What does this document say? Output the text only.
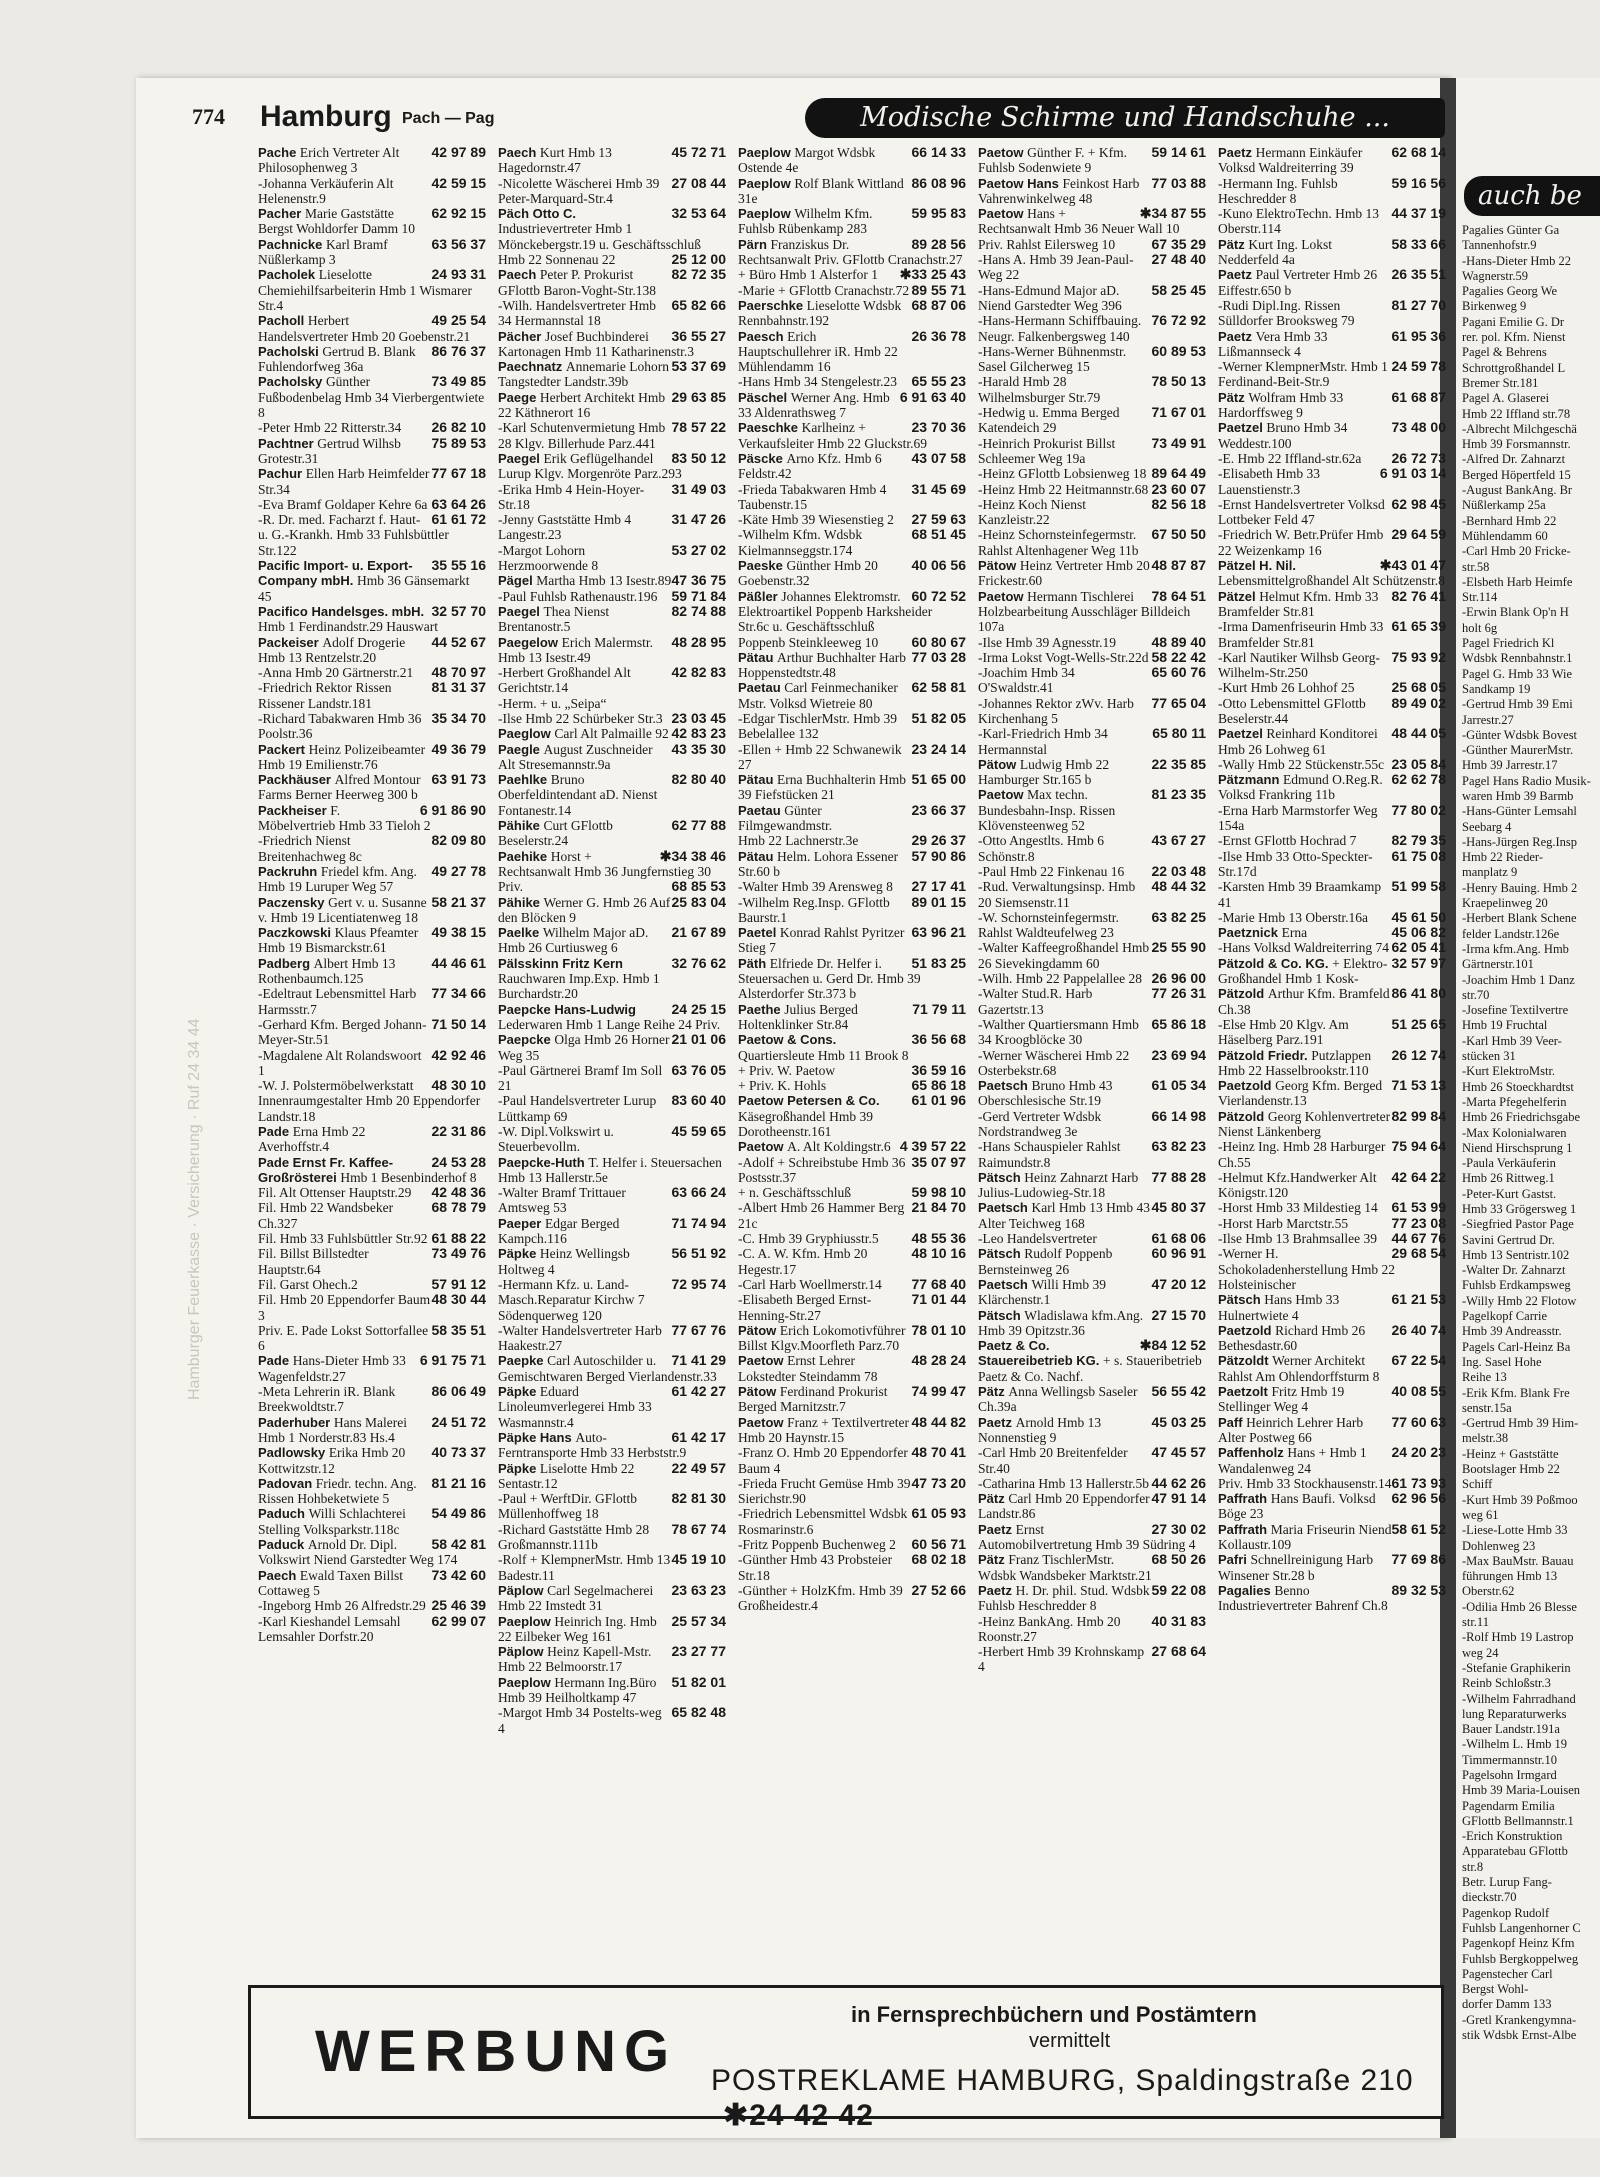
auch be
Pagalies Günter Ga
Tannenhofstr.9
-Hans-Dieter Hmb 22
Wagnerstr.59
Pagalies Georg We
Birkenweg 9
Pagani Emilie G. Dr
rer. pol. Kfm. Nienst
Pagel & Behrens
Schrottgroßhandel L
Bremer Str.181
Pagel A. Glaserei
Hmb 22 Iffland str.78
-Albrecht Milchgeschä
Hmb 39 Forsmannstr.
-Alfred Dr. Zahnarzt
Berged Höpertfeld 15
-August BankAng. Br
Nüßlerkamp 25a
-Bernhard Hmb 22
Mühlendamm 60
-Carl Hmb 20 Fricke-
str.58
-Elsbeth Harb Heimfe
Str.114
-Erwin Blank Op'n H
holt 6g
Pagel Friedrich Kl
Wdsbk Rennbahnstr.1
Pagel G. Hmb 33 Wie
Sandkamp 19
-Gertrud Hmb 39 Emi
Jarrestr.27
-Günter Wdsbk Bovest
-Günther MaurerMstr.
Hmb 39 Jarrestr.17
Pagel Hans Radio Musik-
waren Hmb 39 Barmb
-Hans-Günter Lemsahl
Seebarg 4
-Hans-Jürgen Reg.Insp
Hmb 22 Rieder-
manplatz 9
-Henry Bauing. Hmb 2
Kraepelinweg 20
-Herbert Blank Schene
felder Landstr.126e
-Irma kfm.Ang. Hmb
Gärtnerstr.101
-Joachim Hmb 1 Danz
str.70
-Josefine Textilvertre
Hmb 19 Fruchtal
-Karl Hmb 39 Veer-
stücken 31
-Kurt ElektroMstr.
Hmb 26 Stoeckhardtst
-Marta Pfegehelferin
Hmb 26 Friedrichsgabe
-Max Kolonialwaren
Niend Hirschsprung 1
-Paula Verkäuferin
Hmb 26 Rittweg.1
-Peter-Kurt Gastst.
Hmb 33 Grögersweg 1
-Siegfried Pastor Page
Savini Gertrud Dr.
Hmb 13 Sentristr.102
-Walter Dr. Zahnarzt
Fuhlsb Erdkampsweg
-Willy Hmb 22 Flotow
Pagelkopf Carrie
Hmb 39 Andreasstr.
Pagels Carl-Heinz Ba
Ing. Sasel Hohe
Reihe 13
-Erik Kfm. Blank Fre
senstr.15a
-Gertrud Hmb 39 Him-
melstr.38
-Heinz + Gaststätte
Bootslager Hmb 22
Schiff
-Kurt Hmb 39 Poßmoo
weg 61
-Liese-Lotte Hmb 33
Dohlenweg 23
-Max BauMstr. Bauau
führungen Hmb 13
Oberstr.62
-Odilia Hmb 26 Blesse
str.11
-Rolf Hmb 19 Lastrop
weg 24
-Stefanie Graphikerin
Reinb Schloßstr.3
-Wilhelm Fahrradhand
lung Reparaturwerks
Bauer Landstr.191a
-Wilhelm L. Hmb 19
Timmermannstr.10
Pagelsohn Irmgard
Hmb 39 Maria-Louisen
Pagendarm Emilia
GFlottb Bellmannstr.1
-Erich Konstruktion
Apparatebau GFlottb
str.8
Betr. Lurup Fang-
dieckstr.70
Pagenkop Rudolf
Fuhlsb Langenhorner C
Pagenkopf Heinz Kfm
Fuhlsb Bergkoppelweg
Pagenstecher Carl
Bergst Wohl-
dorfer Damm 133
-Gretl Krankengymna-
stik Wdsbk Ernst-Albe
Hamburger Feuerkasse · Versicherung · Ruf 24 34 44
774 Hamburg Pach — Pag	Modische Schirme und Handschuhe ...
42 97 89
Pache Erich Vertreter Alt Philosophenweg 3
42 59 15
-Johanna Verkäuferin Alt Helenenstr.9
62 92 15
Pacher Marie Gaststätte Bergst Wohldorfer Damm 10
63 56 37
Pachnicke Karl Bramf Nüßlerkamp 3
24 93 31
Pacholek Lieselotte Chemiehilfsarbeiterin Hmb 1 Wismarer Str.4
49 25 54
Pacholl Herbert Handelsvertreter Hmb 20 Goebenstr.21
86 76 37
Pacholski Gertrud B. Blank Fuhlendorfweg 36a
73 49 85
Pacholsky Günther Fußbodenbelag Hmb 34 Vierbergentwiete 8
26 82 10
-Peter Hmb 22 Ritterstr.34
75 89 53
Pachtner Gertrud Wilhsb Grotestr.31
77 67 18
Pachur Ellen Harb Heimfelder Str.34
63 64 26
-Eva Bramf Goldaper Kehre 6a
61 61 72
-R. Dr. med. Facharzt f. Haut- u. G.-Krankh. Hmb 33 Fuhlsbüttler Str.122
35 55 16
Pacific Import- u. Export-Company mbH. Hmb 36 Gänsemarkt 45
32 57 70
Pacifico Handelsges. mbH. Hmb 1 Ferdinandstr.29 Hauswart
44 52 67
Packeiser Adolf Drogerie Hmb 13 Rentzelstr.20
48 70 97
-Anna Hmb 20 Gärtnerstr.21
81 31 37
-Friedrich Rektor Rissen Rissener Landstr.181
35 34 70
-Richard Tabakwaren Hmb 36 Poolstr.36
49 36 79
Packert Heinz Polizeibeamter Hmb 19 Emilienstr.76
63 91 73
Packhäuser Alfred Montour Farms Berner Heerweg 300 b
6 91 86 90
Packheiser F. Möbelvertrieb Hmb 33 Tieloh 2
82 09 80
-Friedrich Nienst Breitenhachweg 8c
49 27 78
Packruhn Friedel kfm. Ang. Hmb 19 Luruper Weg 57
58 21 37
Paczensky Gert v. u. Susanne v. Hmb 19 Licentiatenweg 18
49 38 15
Paczkowski Klaus Pfeamter Hmb 19 Bismarckstr.61
44 46 61
Padberg Albert Hmb 13 Rothenbaumch.125
77 34 66
-Edeltraut Lebensmittel Harb Harmsstr.7
71 50 14
-Gerhard Kfm. Berged Johann-Meyer-Str.51
42 92 46
-Magdalene Alt Rolandswoort 1
48 30 10
-W. J. Polstermöbelwerkstatt Innenraumgestalter Hmb 20 Eppendorfer Landstr.18
22 31 86
Pade Erna Hmb 22 Averhoffstr.4
24 53 28
Pade Ernst Fr. Kaffee-Großrösterei Hmb 1 Besenbinderhof 8
42 48 36
Fil. Alt Ottenser Hauptstr.29
68 78 79
Fil. Hmb 22 Wandsbeker Ch.327
61 88 22
Fil. Hmb 33 Fuhlsbüttler Str.92
73 49 76
Fil. Billst Billstedter Hauptstr.64
57 91 12
Fil. Garst Ohech.2
48 30 44
Fil. Hmb 20 Eppendorfer Baum 3
58 35 51
Priv. E. Pade Lokst Sottorfallee 6
6 91 75 71
Pade Hans-Dieter Hmb 33 Wagenfeldstr.27
86 06 49
-Meta Lehrerin iR. Blank Breekwoldtstr.7
24 51 72
Paderhuber Hans Malerei Hmb 1 Norderstr.83 Hs.4
40 73 37
Padlowsky Erika Hmb 20 Kottwitzstr.12
81 21 16
Padovan Friedr. techn. Ang. Rissen Hohbeketwiete 5
54 49 86
Paduch Willi Schlachterei Stelling Volksparkstr.118c
58 42 81
Paduck Arnold Dr. Dipl. Volkswirt Niend Garstedter Weg 174
73 42 60
Paech Ewald Taxen Billst Cottaweg 5
25 46 39
-Ingeborg Hmb 26 Alfredstr.29
62 99 07
-Karl Kieshandel Lemsahl Lemsahler Dorfstr.20
45 72 71
Paech Kurt Hmb 13 Hagedornstr.47
27 08 44
-Nicolette Wäscherei Hmb 39 Peter-Marquard-Str.4
32 53 64
Päch Otto C. Industrievertreter Hmb 1 Mönckebergstr.19 u. Geschäftsschluß
25 12 00
Hmb 22 Sonnenau 22
82 72 35
Paech Peter P. Prokurist GFlottb Baron-Voght-Str.138
65 82 66
-Wilh. Handelsvertreter Hmb 34 Hermannstal 18
36 55 27
Pächer Josef Buchbinderei Kartonagen Hmb 11 Katharinenstr.3
53 37 69
Paechnatz Annemarie Lohorn Tangstedter Landstr.39b
29 63 85
Paege Herbert Architekt Hmb 22 Käthnerort 16
78 57 22
-Karl Schutenvermietung Hmb 28 Klgv. Billerhude Parz.441
83 50 12
Paegel Erik Geflügelhandel Lurup Klgv. Morgenröte Parz.293
31 49 03
-Erika Hmb 4 Hein-Hoyer-Str.18
31 47 26
-Jenny Gaststätte Hmb 4 Langestr.23
53 27 02
-Margot Lohorn Herzmoorwende 8
47 36 75
Pägel Martha Hmb 13 Isestr.89
59 71 84
-Paul Fuhlsb Rathenaustr.196
82 74 88
Paegel Thea Nienst Brentanostr.5
48 28 95
Paegelow Erich Malermstr. Hmb 13 Isestr.49
42 82 83
-Herbert Großhandel Alt Gerichtstr.14
-Herm. + u. „Seipa“
23 03 45
-Ilse Hmb 22 Schürbeker Str.3
42 83 23
Paeglow Carl Alt Palmaille 92
43 35 30
Paegle August Zuschneider Alt Stresemannstr.9a
82 80 40
Paehlke Bruno Oberfeldintendant aD. Nienst Fontanestr.14
62 77 88
Pähike Curt GFlottb Beselerstr.24
✱34 38 46
Paehike Horst + Rechtsanwalt Hmb 36 Jungfernstieg 30
68 85 53
Priv.
25 83 04
Pähike Werner G. Hmb 26 Auf den Blöcken 9
21 67 89
Paelke Wilhelm Major aD. Hmb 26 Curtiusweg 6
32 76 62
Pälsskinn Fritz Kern Rauchwaren Imp.Exp. Hmb 1 Burchardstr.20
24 25 15
Paepcke Hans-Ludwig Lederwaren Hmb 1 Lange Reihe 24 Priv.
21 01 06
Paepcke Olga Hmb 26 Horner Weg 35
63 76 05
-Paul Gärtnerei Bramf Im Soll 21
83 60 40
-Paul Handelsvertreter Lurup Lüttkamp 69
45 59 65
-W. Dipl.Volkswirt u. Steuerbevollm.
Paepcke-Huth T. Helfer i. Steuersachen Hmb 13 Hallerstr.5e
63 66 24
-Walter Bramf Trittauer Amtsweg 53
71 74 94
Paeper Edgar Berged Kampch.116
56 51 92
Päpke Heinz Wellingsb Holtweg 4
72 95 74
-Hermann Kfz. u. Land-Masch.Reparatur Kirchw 7 Södenquerweg 120
77 67 76
-Walter Handelsvertreter Harb Haakestr.27
71 41 29
Paepke Carl Autoschilder u. Gemischtwaren Berged Vierlandenstr.33
61 42 27
Päpke Eduard Linoleumverlegerei Hmb 33 Wasmannstr.4
61 42 17
Päpke Hans Auto-Ferntransporte Hmb 33 Herbststr.9
22 49 57
Päpke Liselotte Hmb 22 Sentastr.12
82 81 30
-Paul + WerftDir. GFlottb Müllenhoffweg 18
78 67 74
-Richard Gaststätte Hmb 28 Großmannstr.111b
45 19 10
-Rolf + KlempnerMstr. Hmb 13 Badestr.11
23 63 23
Päplow Carl Segelmacherei Hmb 22 Imstedt 31
25 57 34
Paeplow Heinrich Ing. Hmb 22 Eilbeker Weg 161
23 27 77
Päplow Heinz Kapell-Mstr. Hmb 22 Belmoorstr.17
51 82 01
Paeplow Hermann Ing.Büro Hmb 39 Heilholtkamp 47
65 82 48
-Margot Hmb 34 Postelts-weg 4
66 14 33
Paeplow Margot Wdsbk Ostende 4e
86 08 96
Paeplow Rolf Blank Wittland 31e
59 95 83
Paeplow Wilhelm Kfm. Fuhlsb Rübenkamp 283
89 28 56
Pärn Franziskus Dr. Rechtsanwalt Priv. GFlottb Cranachstr.27
✱33 25 43
+ Büro Hmb 1 Alsterfor 1
89 55 71
-Marie + GFlottb Cranachstr.72
68 87 06
Paerschke Lieselotte Wdsbk Rennbahnstr.192
26 36 78
Paesch Erich Hauptschullehrer iR. Hmb 22 Mühlendamm 16
65 55 23
-Hans Hmb 34 Stengelestr.23
6 91 63 40
Päschel Werner Ang. Hmb 33 Aldenrathsweg 7
23 70 36
Paeschke Karlheinz + Verkaufsleiter Hmb 22 Gluckstr.69
43 07 58
Päscke Arno Kfz. Hmb 6 Feldstr.42
31 45 69
-Frieda Tabakwaren Hmb 4 Taubenstr.15
27 59 63
-Käte Hmb 39 Wiesenstieg 2
68 51 45
-Wilhelm Kfm. Wdsbk Kielmannseggstr.174
40 06 56
Paeske Günther Hmb 20 Goebenstr.32
60 72 52
Päßler Johannes Elektromstr. Elektroartikel Poppenb Harksheider Str.6c u. Geschäftsschluß
60 80 67
Poppenb Steinkleeweg 10
77 03 28
Pätau Arthur Buchhalter Harb Hoppenstedtstr.48
62 58 81
Paetau Carl Feinmechaniker Mstr. Volksd Wietreie 80
51 82 05
-Edgar TischlerMstr. Hmb 39 Bebelallee 132
23 24 14
-Ellen + Hmb 22 Schwanewik 27
51 65 00
Pätau Erna Buchhalterin Hmb 39 Fiefstücken 21
23 66 37
Paetau Günter Filmgewandmstr.
29 26 37
Hmb 22 Lachnerstr.3e
57 90 86
Pätau Helm. Lohora Essener Str.60 b
27 17 41
-Walter Hmb 39 Arensweg 8
89 01 15
-Wilhelm Reg.Insp. GFlottb Baurstr.1
63 96 21
Paetel Konrad Rahlst Pyritzer Stieg 7
51 83 25
Päth Elfriede Dr. Helfer i. Steuersachen u. Gerd Dr. Hmb 39 Alsterdorfer Str.373 b
71 79 11
Paethe Julius Berged Holtenklinker Str.84
36 56 68
Paetow & Cons. Quartiersleute Hmb 11 Brook 8
36 59 16
+ Priv. W. Paetow
65 86 18
+ Priv. K. Hohls
61 01 96
Paetow Petersen & Co. Käsegroßhandel Hmb 39 Dorotheenstr.161
4 39 57 22
Paetow A. Alt Koldingstr.6
35 07 97
-Adolf + Schreibstube Hmb 36 Postsstr.37
59 98 10
+ n. Geschäftsschluß
21 84 70
-Albert Hmb 26 Hammer Berg 21c
48 55 36
-C. Hmb 39 Gryphiusstr.5
48 10 16
-C. A. W. Kfm. Hmb 20 Hegestr.17
77 68 40
-Carl Harb Woellmerstr.14
71 01 44
-Elisabeth Berged Ernst-Henning-Str.27
78 01 10
Pätow Erich Lokomotivführer Billst Klgv.Moorfleth Parz.70
48 28 24
Paetow Ernst Lehrer Lokstedter Steindamm 78
74 99 47
Pätow Ferdinand Prokurist Berged Marnitzstr.7
48 44 82
Paetow Franz + Textilvertreter Hmb 20 Haynstr.15
48 70 41
-Franz O. Hmb 20 Eppendorfer Baum 4
47 73 20
-Frieda Frucht Gemüse Hmb 39 Sierichstr.90
61 05 93
-Friedrich Lebensmittel Wdsbk Rosmarinstr.6
60 56 71
-Fritz Poppenb Buchenweg 2
68 02 18
-Günther Hmb 43 Probsteier Str.18
27 52 66
-Günther + HolzKfm. Hmb 39 Großheidestr.4
59 14 61
Paetow Günther F. + Kfm. Fuhlsb Sodenwiete 9
77 03 88
Paetow Hans Feinkost Harb Vahrenwinkelweg 48
✱34 87 55
Paetow Hans + Rechtsanwalt Hmb 36 Neuer Wall 10
67 35 29
Priv. Rahlst Eilersweg 10
27 48 40
-Hans A. Hmb 39 Jean-Paul-Weg 22
58 25 45
-Hans-Edmund Major aD. Niend Garstedter Weg 396
76 72 92
-Hans-Hermann Schiffbauing. Neugr. Falkenbergsweg 140
60 89 53
-Hans-Werner Bühnenmstr. Sasel Gilcherweg 15
78 50 13
-Harald Hmb 28 Wilhelmsburger Str.79
71 67 01
-Hedwig u. Emma Berged Katendeich 29
73 49 91
-Heinrich Prokurist Billst Schleemer Weg 19a
89 64 49
-Heinz GFlottb Lobsienweg 18
23 60 07
-Heinz Hmb 22 Heitmannstr.68
82 56 18
-Heinz Koch Nienst Kanzleistr.22
67 50 50
-Heinz Schornsteinfegermstr. Rahlst Altenhagener Weg 11b
48 87 87
Pätow Heinz Vertreter Hmb 20 Frickestr.60
78 64 51
Paetow Hermann Tischlerei Holzbearbeitung Ausschläger Billdeich 107a
48 89 40
-Ilse Hmb 39 Agnesstr.19
58 22 42
-Irma Lokst Vogt-Wells-Str.22d
65 60 76
-Joachim Hmb 34 O'Swaldstr.41
77 65 04
-Johannes Rektor zWv. Harb Kirchenhang 5
65 80 11
-Karl-Friedrich Hmb 34 Hermannstal
22 35 85
Pätow Ludwig Hmb 22 Hamburger Str.165 b
81 23 35
Paetow Max techn. Bundesbahn-Insp. Rissen Klövensteenweg 52
43 67 27
-Otto Angestlts. Hmb 6 Schönstr.8
22 03 48
-Paul Hmb 22 Finkenau 16
48 44 32
-Rud. Verwaltungsinsp. Hmb 20 Siemsenstr.11
63 82 25
-W. Schornsteinfegermstr. Rahlst Waldteufelweg 23
25 55 90
-Walter Kaffeegroßhandel Hmb 26 Sievekingdamm 60
26 96 00
-Wilh. Hmb 22 Pappelallee 28
77 26 31
-Walter Stud.R. Harb Gazertstr.13
65 86 18
-Walther Quartiersmann Hmb 34 Kroogblöcke 30
23 69 94
-Werner Wäscherei Hmb 22 Osterbekstr.68
61 05 34
Paetsch Bruno Hmb 43 Oberschlesische Str.19
66 14 98
-Gerd Vertreter Wdsbk Nordstrandweg 3e
63 82 23
-Hans Schauspieler Rahlst Raimundstr.8
77 88 28
Pätsch Heinz Zahnarzt Harb Julius-Ludowieg-Str.18
45 80 37
Paetsch Karl Hmb 13 Hmb 43 Alter Teichweg 168
61 68 06
-Leo Handelsvertreter
60 96 91
Pätsch Rudolf Poppenb Bernsteinweg 26
47 20 12
Paetsch Willi Hmb 39 Klärchenstr.1
27 15 70
Pätsch Wladislawa kfm.Ang. Hmb 39 Opitzstr.36
✱84 12 52
Paetz & Co. Stauereibetrieb KG. + s. Staueribetrieb Paetz & Co. Nachf.
56 55 42
Pätz Anna Wellingsb Saseler Ch.39a
45 03 25
Paetz Arnold Hmb 13 Nonnenstieg 9
47 45 57
-Carl Hmb 20 Breitenfelder Str.40
44 62 26
-Catharina Hmb 13 Hallerstr.5b
47 91 14
Pätz Carl Hmb 20 Eppendorfer Landstr.86
27 30 02
Paetz Ernst Automobilvertretung Hmb 39 Südring 4
68 50 26
Pätz Franz TischlerMstr. Wdsbk Wandsbeker Marktstr.21
59 22 08
Paetz H. Dr. phil. Stud. Wdsbk Fuhlsb Heschredder 8
40 31 83
-Heinz BankAng. Hmb 20 Roonstr.27
27 68 64
-Herbert Hmb 39 Krohnskamp 4
62 68 14
Paetz Hermann Einkäufer Volksd Waldreiterring 39
59 16 56
-Hermann Ing. Fuhlsb Heschredder 8
44 37 19
-Kuno ElektroTechn. Hmb 13 Oberstr.114
58 33 66
Pätz Kurt Ing. Lokst Nedderfeld 4a
26 35 51
Paetz Paul Vertreter Hmb 26 Eiffestr.650 b
81 27 70
-Rudi Dipl.Ing. Rissen Sülldorfer Brooksweg 79
61 95 36
Paetz Vera Hmb 33 Lißmannseck 4
24 59 78
-Werner KlempnerMstr. Hmb 1 Ferdinand-Beit-Str.9
61 68 87
Pätz Wolfram Hmb 33 Hardorffsweg 9
73 48 00
Paetzel Bruno Hmb 34 Weddestr.100
26 72 73
-E. Hmb 22 Iffland-str.62a
6 91 03 14
-Elisabeth Hmb 33 Lauenstienstr.3
62 98 45
-Ernst Handelsvertreter Volksd Lottbeker Feld 47
29 64 59
-Friedrich W. Betr.Prüfer Hmb 22 Weizenkamp 16
✱43 01 47
Pätzel H. Nil. Lebensmittelgroßhandel Alt Schützenstr.8
82 76 41
Pätzel Helmut Kfm. Hmb 33 Bramfelder Str.81
61 65 39
-Irma Damenfriseurin Hmb 33 Bramfelder Str.81
75 93 92
-Karl Nautiker Wilhsb Georg-Wilhelm-Str.250
25 68 05
-Kurt Hmb 26 Lohhof 25
89 49 02
-Otto Lebensmittel GFlottb Beselerstr.44
48 44 05
Paetzel Reinhard Konditorei Hmb 26 Lohweg 61
23 05 84
-Wally Hmb 22 Stückenstr.55c
62 62 78
Pätzmann Edmund O.Reg.R. Volksd Frankring 11b
77 80 02
-Erna Harb Marmstorfer Weg 154a
82 79 35
-Ernst GFlottb Hochrad 7
61 75 08
-Ilse Hmb 33 Otto-Speckter-Str.17d
51 99 58
-Karsten Hmb 39 Braamkamp 41
45 61 50
-Marie Hmb 13 Oberstr.16a
45 06 82
Paetznick Erna
62 05 41
-Hans Volksd Waldreiterring 74
32 57 97
Pätzold & Co. KG. + Elektro-Großhandel Hmb 1 Kosk-
86 41 80
Pätzold Arthur Kfm. Bramfeld Ch.38
51 25 65
-Else Hmb 20 Klgv. Am Häselberg Parz.191
26 12 74
Pätzold Friedr. Putzlappen Hmb 22 Hasselbrookstr.110
71 53 13
Paetzold Georg Kfm. Berged Vierlandenstr.13
82 99 84
Pätzold Georg Kohlenvertreter Nienst Länkenberg
75 94 64
-Heinz Ing. Hmb 28 Harburger Ch.55
42 64 22
-Helmut Kfz.Handwerker Alt Königstr.120
61 53 99
-Horst Hmb 33 Mildestieg 14
77 23 08
-Horst Harb Marctstr.55
44 67 76
-Ilse Hmb 13 Brahmsallee 39
29 68 54
-Werner H. Schokoladenherstellung Hmb 22 Holsteinischer
61 21 53
Pätsch Hans Hmb 33 Hulnertwiete 4
26 40 74
Paetzold Richard Hmb 26 Bethesdastr.60
67 22 54
Pätzoldt Werner Architekt Rahlst Am Ohlendorffsturm 8
40 08 55
Paetzolt Fritz Hmb 19 Stellinger Weg 4
77 60 63
Paff Heinrich Lehrer Harb Alter Postweg 66
24 20 23
Paffenholz Hans + Hmb 1 Wandalenweg 24
61 73 93
Priv. Hmb 33 Stockhausenstr.14
62 96 56
Paffrath Hans Baufi. Volksd Böge 23
58 61 52
Paffrath Maria Friseurin Niend Kollaustr.109
77 69 86
Pafri Schnellreinigung Harb Winsener Str.28 b
89 32 53
Pagalies Benno Industrievertreter Bahrenf Ch.8
WERBUNG
in Fernsprechbüchern und Postämtern
vermittelt
POSTREKLAME HAMBURG, Spaldingstraße 210 ✱24 42 42
